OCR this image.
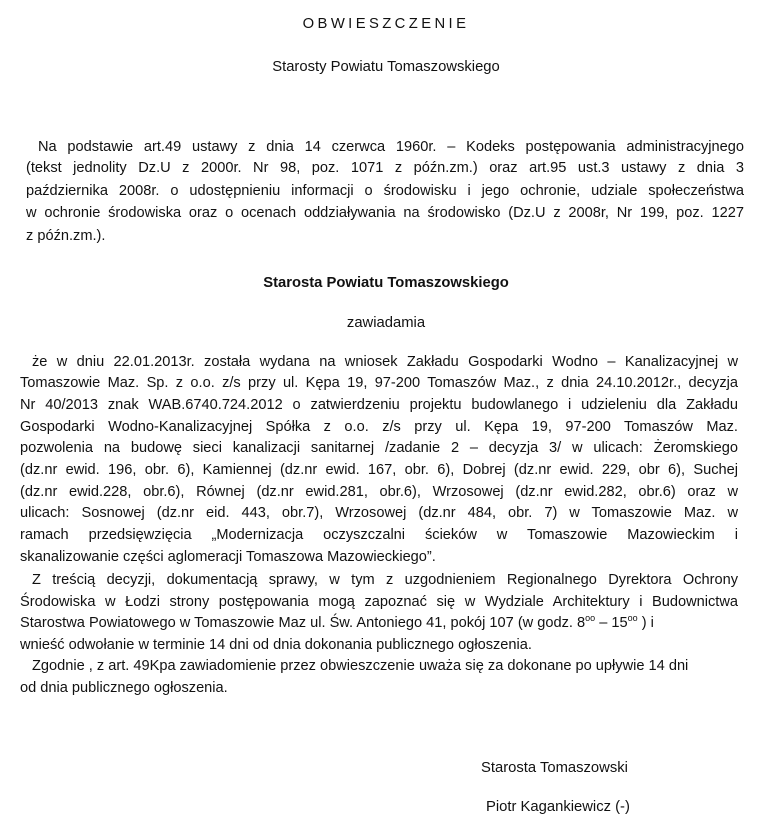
OBWIESZCZENIE
Starosty Powiatu Tomaszowskiego
Na podstawie art.49 ustawy z dnia 14 czerwca 1960r. – Kodeks postępowania administracyjnego
(tekst jednolity Dz.U z 2000r. Nr 98, poz. 1071 z późn.zm.) oraz art.95 ust.3 ustawy z dnia 3
października 2008r. o udostępnieniu informacji o środowisku i jego ochronie, udziale społeczeństwa
w ochronie środowiska oraz o ocenach oddziaływania na środowisko (Dz.U z 2008r, Nr 199, poz. 1227
z późn.zm.).
Starosta Powiatu Tomaszowskiego
zawiadamia
że w dniu 22.01.2013r. została wydana na wniosek Zakładu Gospodarki Wodno – Kanalizacyjnej w
Tomaszowie Maz. Sp. z o.o. z/s przy ul. Kępa 19, 97-200 Tomaszów Maz., z dnia 24.10.2012r., decyzja
Nr 40/2013 znak WAB.6740.724.2012 o zatwierdzeniu projektu budowlanego i udzieleniu dla Zakładu
Gospodarki Wodno-Kanalizacyjnej Spółka z o.o. z/s przy ul. Kępa 19, 97-200 Tomaszów Maz.
pozwolenia na budowę sieci kanalizacji sanitarnej /zadanie 2 – decyzja 3/ w ulicach: Żeromskiego
(dz.nr ewid. 196, obr. 6), Kamiennej (dz.nr ewid. 167, obr. 6), Dobrej (dz.nr ewid. 229, obr 6), Suchej
(dz.nr ewid.228, obr.6), Równej (dz.nr ewid.281, obr.6), Wrzosowej (dz.nr ewid.282, obr.6) oraz w
ulicach: Sosnowej (dz.nr eid. 443, obr.7), Wrzosowej (dz.nr 484, obr. 7) w Tomaszowie Maz. w
ramach przedsięwzięcia „Modernizacja oczyszczalni ścieków w Tomaszowie Mazowieckim i
skanalizowanie części aglomeracji Tomaszowa Mazowieckiego”.
Z treścią decyzji, dokumentacją sprawy, w tym z uzgodnieniem Regionalnego Dyrektora Ochrony
Środowiska w Łodzi strony postępowania mogą zapoznać się w Wydziale Architektury i Budownictwa
Starostwa Powiatowego w Tomaszowie Maz ul. Św. Antoniego 41, pokój 107 (w godz. $8^{oo} - 15^{oo}$ ) i
wnieść odwołanie w terminie 14 dni od dnia dokonania publicznego ogłoszenia.
Zgodnie , z art. 49Kpa zawiadomienie przez obwieszczenie uważa się za dokonane po upływie 14 dni
od dnia publicznego ogłoszenia.
Starosta Tomaszowski
Piotr Kagankiewicz (-)
